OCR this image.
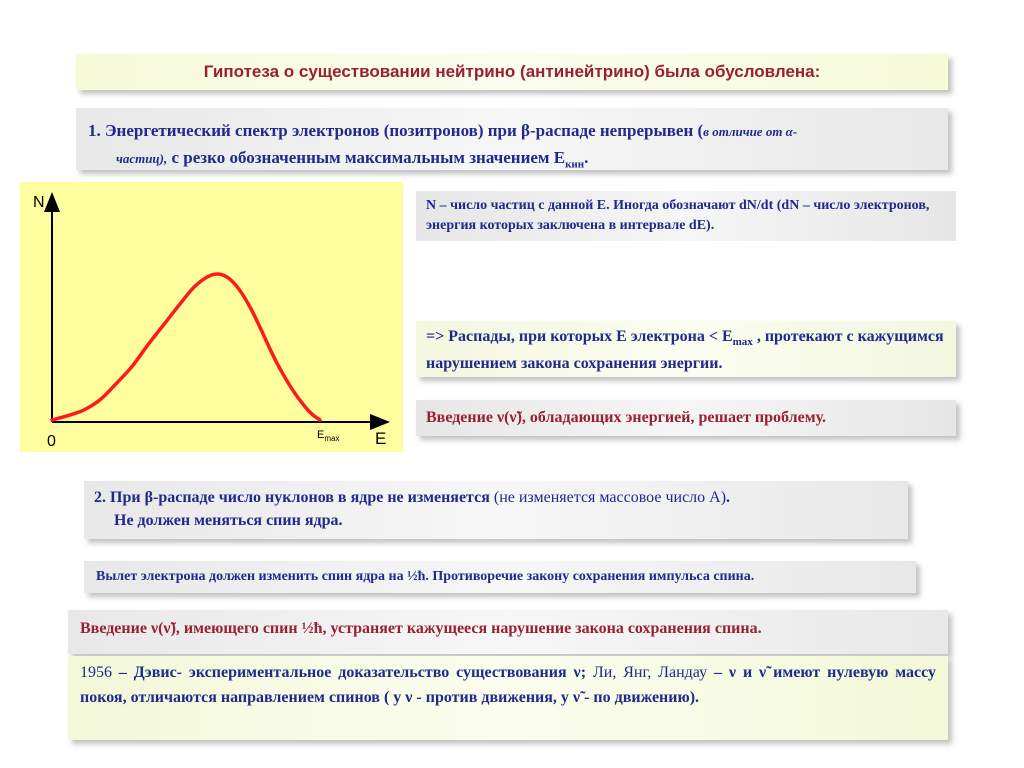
Гипотеза о существовании нейтрино (антинейтрино) была обусловлена:
1. Энергетический спектр электронов (позитронов) при β-распаде непрерывен (в отличие от α-
частиц), с резко обозначенным максимальным значением $Е_{кин}$.
N
0	E
$E_{max}$
N – число частиц с данной Е. Иногда обозначают dN/dt (dN – число электронов, энергия которых заключена в интервале dE).
=> Распады, при которых Е электрона < $Е_{max}$ , протекают с кажущимся нарушением закона сохранения энергии.
Введение ν(ν̃), обладающих энергией, решает проблему.
2. При β-распаде число нуклонов в ядре не изменяется (не изменяется массовое число А).
Не должен меняться спин ядра.
Вылет электрона должен изменить спин ядра на ½ħ. Противоречие закону сохранения импульса спина.
Введение ν(ν̃), имеющего спин ½ħ, устраняет кажущееся нарушение закона сохранения спина.
1956 – Дэвис- экспериментальное доказательство существования ν; Ли, Янг, Ландау – ν и ν̃ имеют нулевую массу покоя, отличаются направлением спинов ( у ν - против движения, у ν̃ - по движению).
